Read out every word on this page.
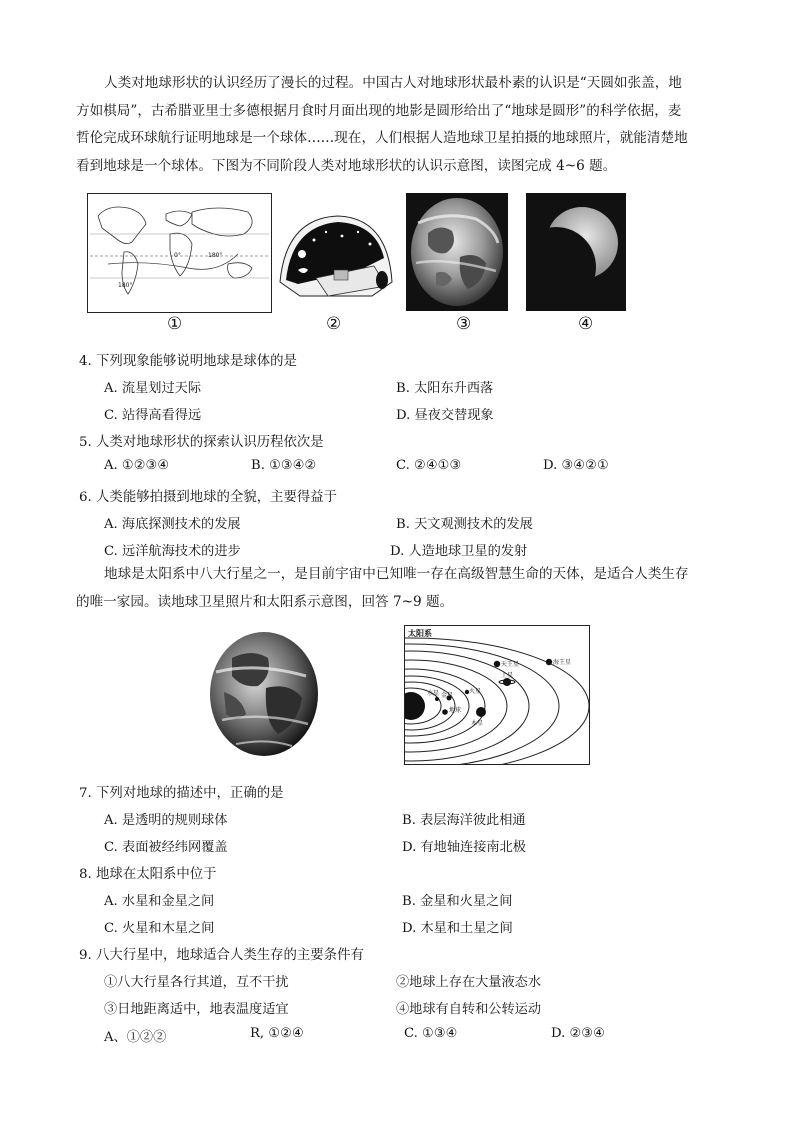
人类对地球形状的认识经历了漫长的过程。中国古人对地球形状最朴素的认识是“天圆如张盖，地
方如棋局”，古希腊亚里士多德根据月食时月面出现的地影是圆形给出了“地球是圆形”的科学依据，麦
哲伦完成环球航行证明地球是一个球体……现在，人们根据人造地球卫星拍摄的地球照片，就能清楚地
看到地球是一个球体。下图为不同阶段人类对地球形状的认识示意图，读图完成 4~6 题。
180°
0°	180°
①	②	③	④
4. 下列现象能够说明地球是球体的是
A. 流星划过天际	B. 太阳东升西落
C. 站得高看得远	D. 昼夜交替现象
5. 人类对地球形状的探索认识历程依次是
A. ①②③④	B. ①③④②	C. ②④①③	D. ③④②①
6. 人类能够拍摄到地球的全貌，主要得益于
A. 海底探测技术的发展	B. 天文观测技术的发展
C. 远洋航海技术的进步	D. 人造地球卫星的发射
地球是太阳系中八大行星之一，是目前宇宙中已知唯一存在高级智慧生命的天体，是适合人类生存
的唯一家园。读地球卫星照片和太阳系示意图，回答 7~9 题。
太阳系
水星 金星
地球
火星
木星
土星
天王星	海王星
7. 下列对地球的描述中，正确的是
A. 是透明的规则球体	B. 表层海洋彼此相通
C. 表面被经纬网覆盖	D. 有地轴连接南北极
8. 地球在太阳系中位于
A. 水星和金星之间	B. 金星和火星之间
C. 火星和木星之间	D. 木星和土星之间
9. 八大行星中，地球适合人类生存的主要条件有
①八大行星各行其道，互不干扰	②地球上存在大量液态水
③日地距离适中，地表温度适宜	④地球有自转和公转运动
A、①②②	R, ①②④	C. ①③④	D. ②③④
